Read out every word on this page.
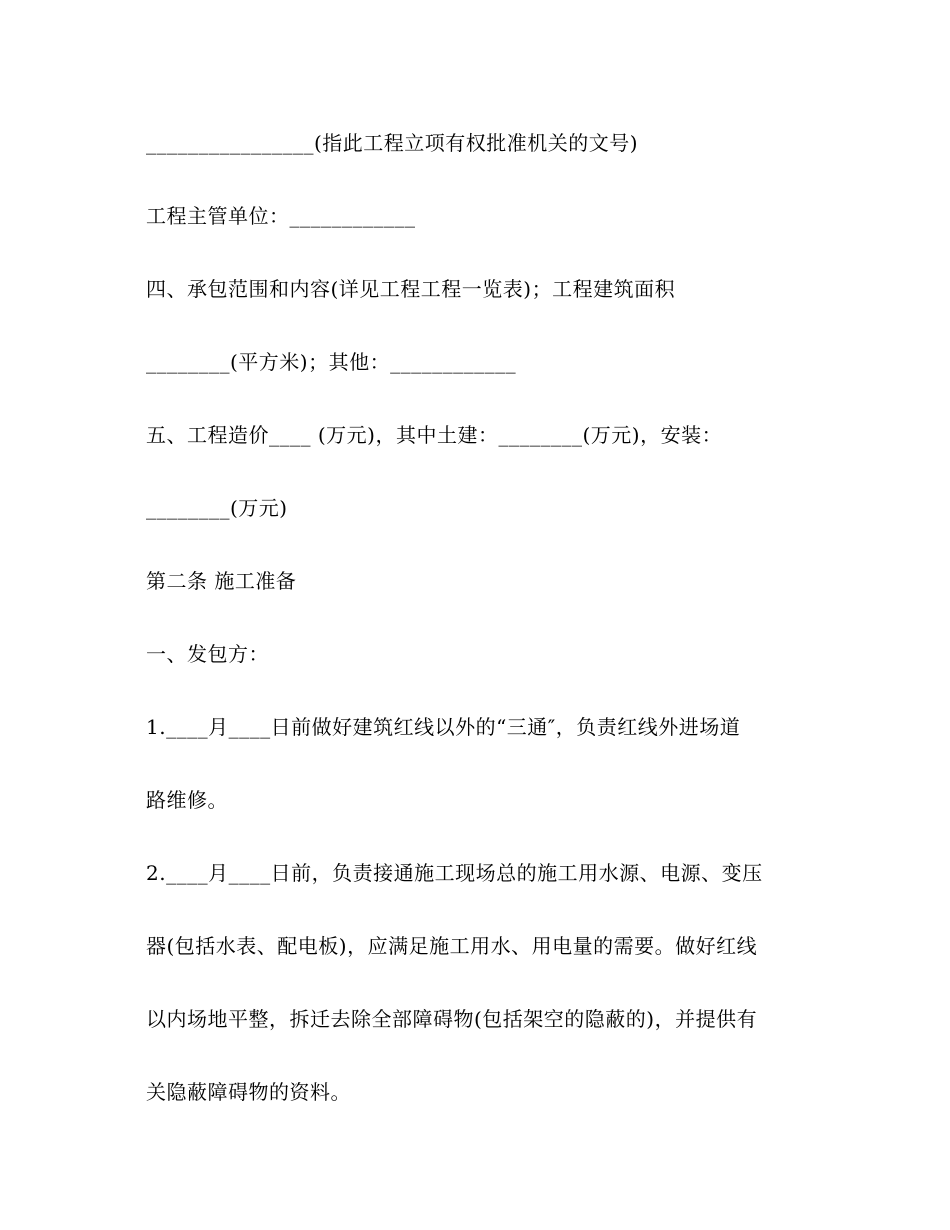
________________(指此工程立项有权批准机关的文号)
工程主管单位：____________
四、承包范围和内容(详见工程工程一览表)；工程建筑面积
________(平方米)；其他：____________
五、工程造价____ (万元)，其中土建：________(万元)，安装：
________(万元)
第二条 施工准备
一、发包方：
1.____月____日前做好建筑红线以外的“三通″，负责红线外进场道
路维修。
2.____月____日前，负责接通施工现场总的施工用水源、电源、变压
器(包括水表、配电板)，应满足施工用水、用电量的需要。做好红线
以内场地平整，拆迁去除全部障碍物(包括架空的隐蔽的)，并提供有
关隐蔽障碍物的资料。
